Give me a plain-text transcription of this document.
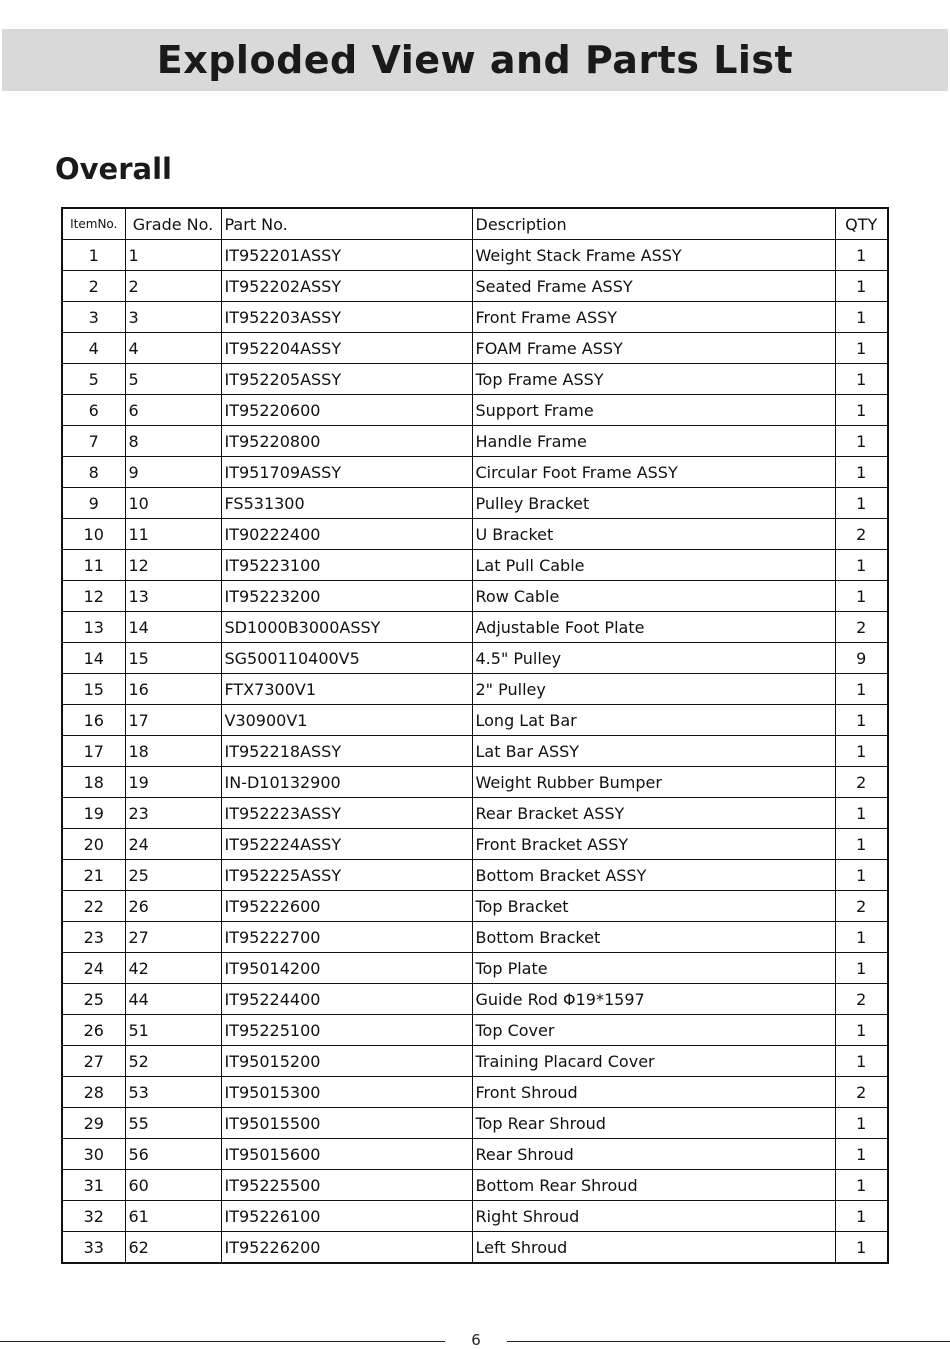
Exploded View and Parts List
Overall
ItemNo.	Grade No.	Part No.	Description	QTY
1	1	IT952201ASSY	Weight Stack Frame ASSY	1
2	2	IT952202ASSY	Seated Frame ASSY	1
3	3	IT952203ASSY	Front Frame ASSY	1
4	4	IT952204ASSY	FOAM Frame ASSY	1
5	5	IT952205ASSY	Top Frame ASSY	1
6	6	IT95220600	Support Frame	1
7	8	IT95220800	Handle Frame	1
8	9	IT951709ASSY	Circular Foot Frame ASSY	1
9	10	FS531300	Pulley Bracket	1
10	11	IT90222400	U Bracket	2
11	12	IT95223100	Lat Pull Cable	1
12	13	IT95223200	Row Cable	1
13	14	SD1000B3000ASSY	Adjustable Foot Plate	2
14	15	SG500110400V5	4.5" Pulley	9
15	16	FTX7300V1	2" Pulley	1
16	17	V30900V1	Long Lat Bar	1
17	18	IT952218ASSY	Lat Bar ASSY	1
18	19	IN-D10132900	Weight Rubber Bumper	2
19	23	IT952223ASSY	Rear Bracket ASSY	1
20	24	IT952224ASSY	Front Bracket ASSY	1
21	25	IT952225ASSY	Bottom Bracket ASSY	1
22	26	IT95222600	Top Bracket	2
23	27	IT95222700	Bottom Bracket	1
24	42	IT95014200	Top Plate	1
25	44	IT95224400	Guide Rod Φ19*1597	2
26	51	IT95225100	Top Cover	1
27	52	IT95015200	Training Placard Cover	1
28	53	IT95015300	Front Shroud	2
29	55	IT95015500	Top Rear Shroud	1
30	56	IT95015600	Rear Shroud	1
31	60	IT95225500	Bottom Rear Shroud	1
32	61	IT95226100	Right Shroud	1
33	62	IT95226200	Left Shroud	1
6
